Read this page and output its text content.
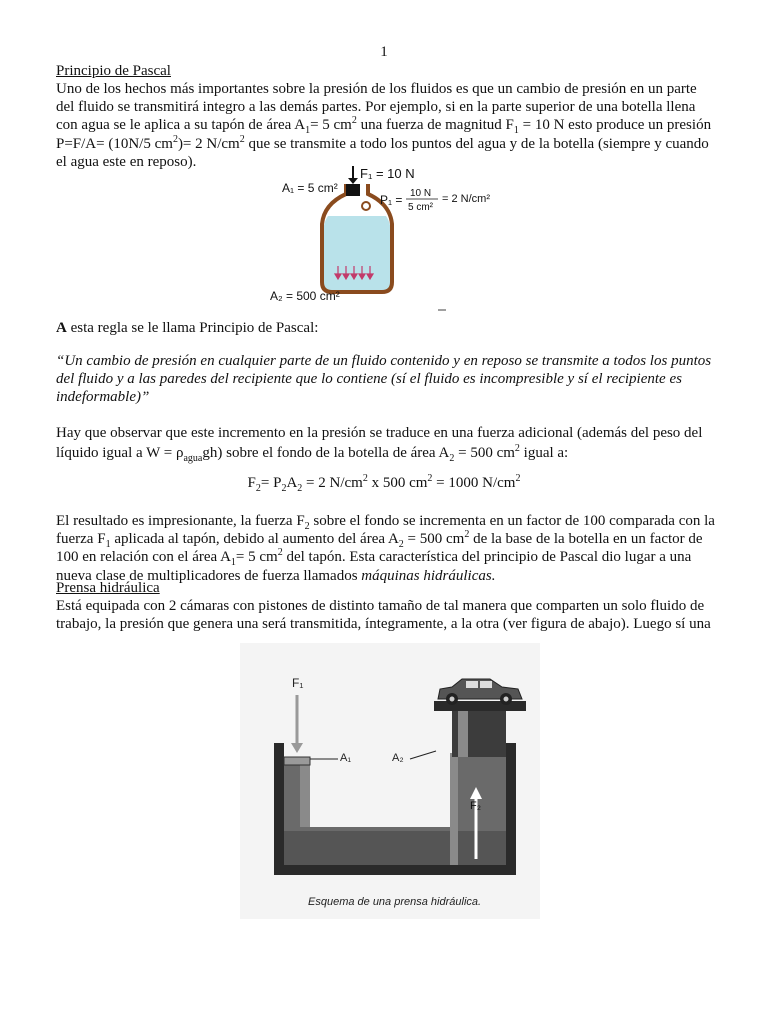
1
Principio de Pascal
Uno de los hechos más importantes sobre la presión de los fluidos es que un cambio de presión en un parte del fluido se transmitirá integro a las demás partes. Por ejemplo, si en la parte superior de una botella llena con agua se le aplica a su tapón de área $A_1= 5$ $cm^2$ una fuerza de magnitud $F_1 = 10$ N esto produce un presión P=F/A= (10N/5 $cm^2)= 2$ $N/cm^2$ que se transmite a todo los puntos del agua y de la botella (siempre y cuando el agua este en reposo).
F₁ = 10 N
A₁ = 5 cm²
P₁ = 10 N
5 cm²
= 2 N/cm²
A₂ = 500 cm²
A esta regla se le llama Principio de Pascal:
“Un cambio de presión en cualquier parte de un fluido contenido y en reposo se transmite a todos los puntos del fluido y a las paredes del recipiente que lo contiene (sí el fluido es incompresible y sí el recipiente es indeformable)”
Hay que observar que este incremento en la presión se traduce en una fuerza adicional (además del peso del líquido igual a $W = \rho_{agua}gh$) sobre el fondo de la botella de área $A_2 = 500$ $cm^2$ igual a:
$F_2= P_2A_2 = 2$ $N/cm^2$ x 500 $cm^2 = 1000$ $N/cm^2$
El resultado es impresionante, la fuerza $F_2$ sobre el fondo se incrementa en un factor de 100 comparada con la fuerza $F_1$ aplicada al tapón, debido al aumento del área $A_2 = 500$ $cm^2$ de la base de la botella en un factor de 100 en relación con el área $A_1= 5$ $cm^2$ del tapón. Esta característica del principio de Pascal dio lugar a una nueva clase de multiplicadores de fuerza llamados máquinas hidráulicas.
Prensa hidráulica
Está equipada con 2 cámaras con pistones de distinto tamaño de tal manera que comparten un solo fluido de trabajo, la presión que genera una será transmitida, íntegramente, a la otra (ver figura de abajo). Luego sí una
F₁
A₁	A₂
F₂
Esquema de una prensa hidráulica.
